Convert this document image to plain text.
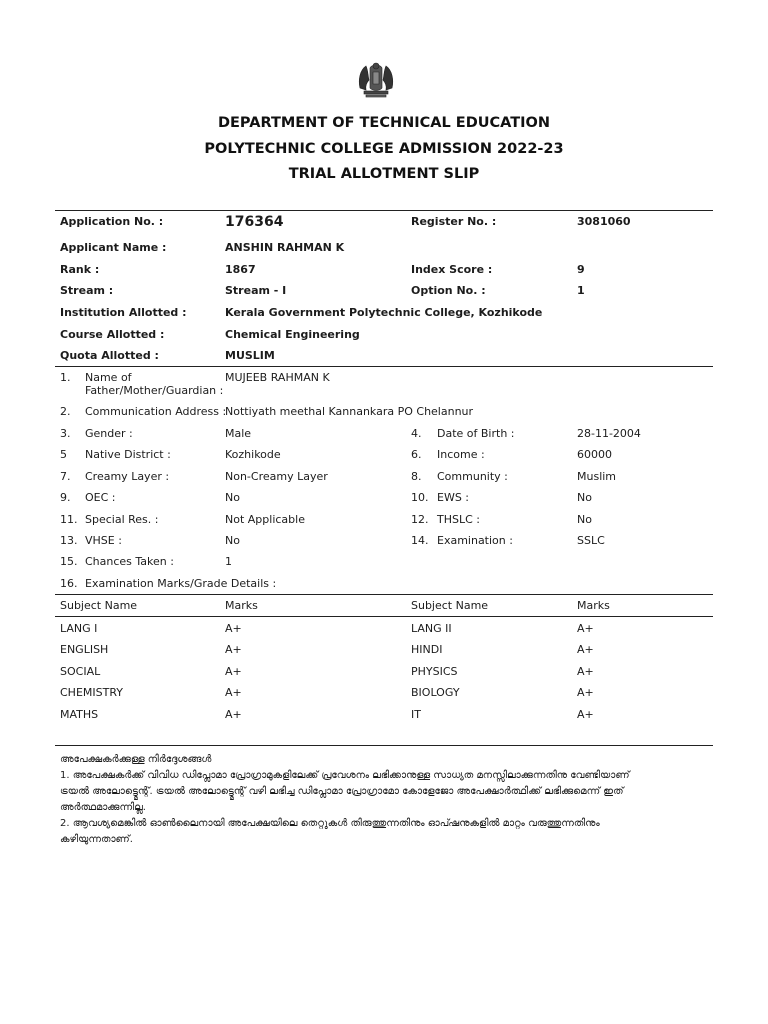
DEPARTMENT OF TECHNICAL EDUCATION
POLYTECHNIC COLLEGE ADMISSION 2022-23
TRIAL ALLOTMENT SLIP
Application No. :	176364	Register No. :	3081060
Applicant Name :	ANSHIN RAHMAN K
Rank :	1867	Index Score :	9
Stream :	Stream - I	Option No. :	1
Institution Allotted :	Kerala Government Polytechnic College, Kozhikode
Course Allotted :	Chemical Engineering
Quota Allotted :	MUSLIM
1. Name of
Father/Mother/Guardian :
MUJEEB RAHMAN K
2. Communication Address :
Nottiyath meethal Kannankara PO Chelannur
3. Gender :	Male	4. Date of Birth :	28-11-2004
5 Native District :	Kozhikode	6. Income :	60000
7. Creamy Layer :	Non-Creamy Layer	8. Community :	Muslim
9. OEC :	No	10. EWS :	No
11. Special Res. :	Not Applicable	12. THSLC :	No
13. VHSE :	No	14. Examination :	SSLC
15. Chances Taken :	1
16. Examination Marks/Grade Details :
Subject Name	Marks	Subject Name	Marks
LANG I	A+	LANG II	A+
ENGLISH	A+	HINDI	A+
SOCIAL	A+	PHYSICS	A+
CHEMISTRY	A+	BIOLOGY	A+
MATHS	A+	IT	A+
അപേക്ഷകർക്കുള്ള നിർദ്ദേശങ്ങൾ
1. അപേക്ഷകർക്ക് വിവിധ ഡിപ്ലോമാ പ്രോഗ്രാമുകളിലേക്ക് പ്രവേശനം ലഭിക്കാനുള്ള സാധ്യത മനസ്സിലാക്കുന്നതിനു വേണ്ടിയാണ്
ട്രയൽ അലോട്ട്മെന്റ്. ട്രയൽ അലോട്ട്മെന്റ് വഴി ലഭിച്ച ഡിപ്ലോമാ പ്രോഗ്രാമോ കോളേജോ അപേക്ഷാർത്ഥിക്ക് ലഭിക്കുമെന്ന് ഇത്
അർത്ഥമാക്കുന്നില്ല.
2. ആവശ്യമെങ്കിൽ ഓൺലൈനായി അപേക്ഷയിലെ തെറ്റുകൾ തിരുത്തുന്നതിനും ഓപ്ഷനുകളിൽ മാറ്റം വരുത്തുന്നതിനും
കഴിയുന്നതാണ്.
